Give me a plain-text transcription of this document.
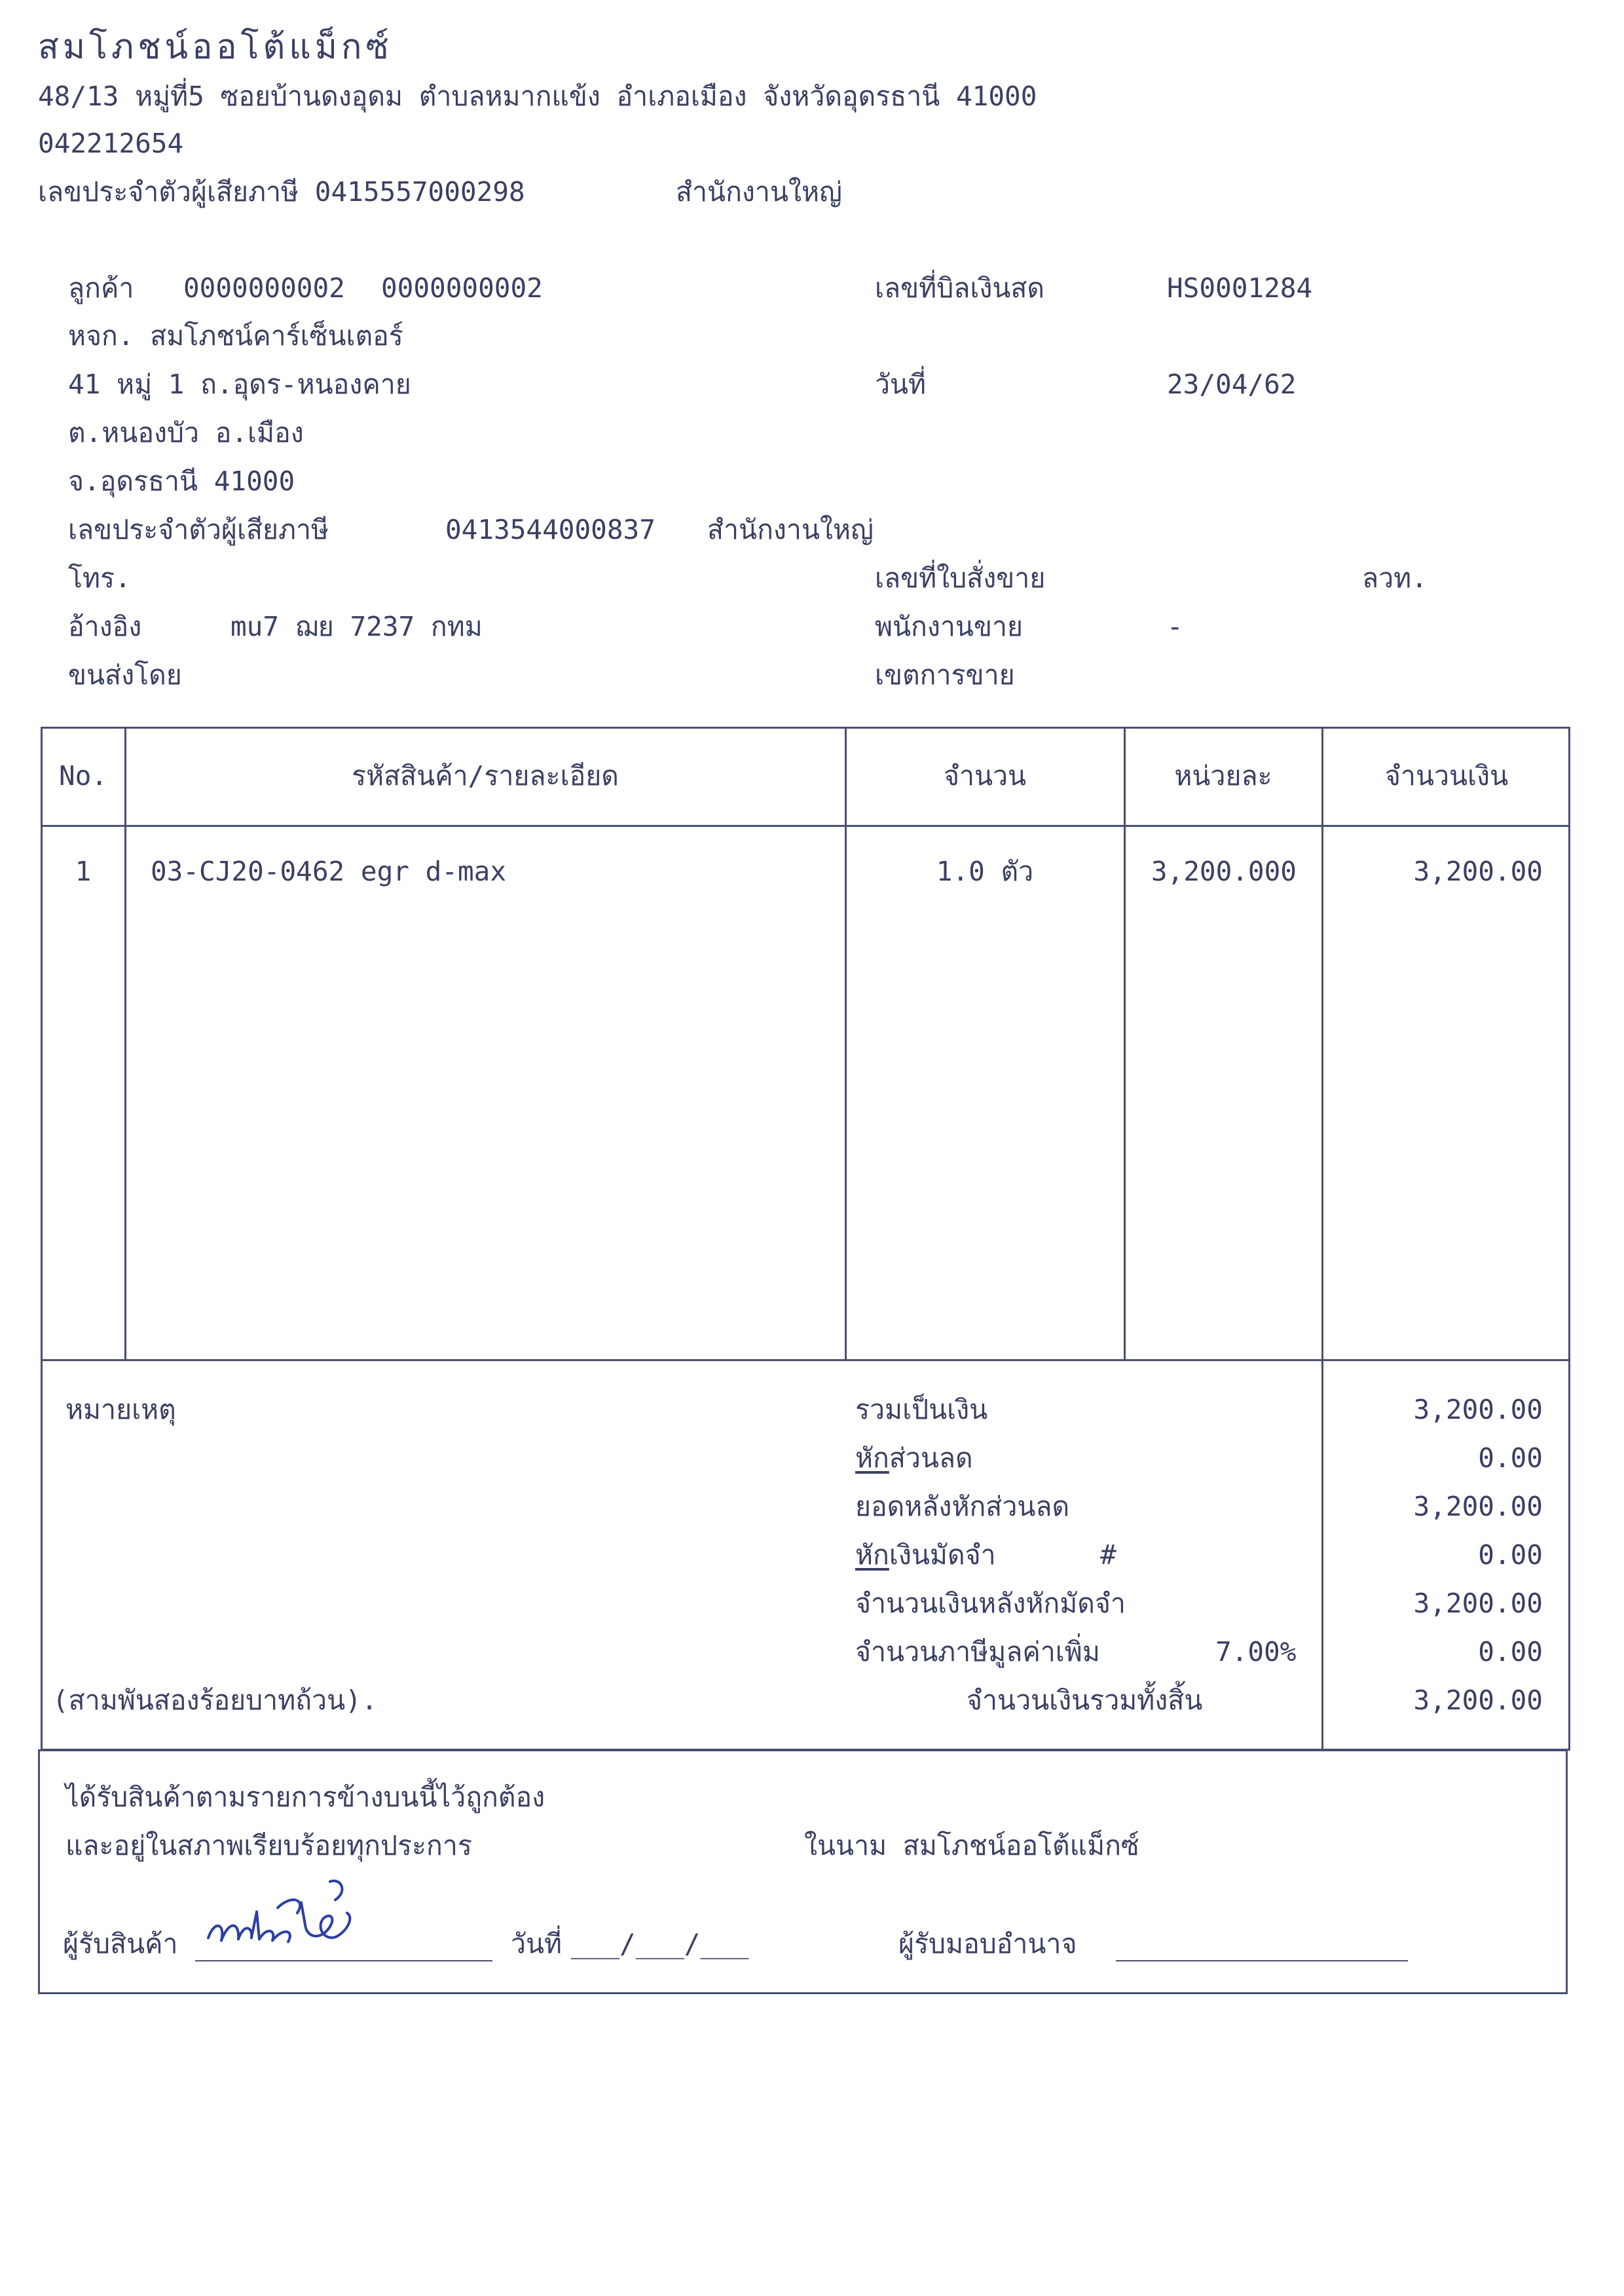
สมโภชน์ออโต้แม็กซ์
48/13 หมู่ที่5 ซอยบ้านดงอุดม ตำบลหมากแข้ง อำเภอเมือง จังหวัดอุดรธานี 41000
042212654
เลขประจำตัวผู้เสียภาษี 0415557000298	สำนักงานใหญ่
ลูกค้า 0000000002 0000000002
หจก. สมโภชน์คาร์เซ็นเตอร์
41 หมู่ 1 ถ.อุดร-หนองคาย
ต.หนองบัว อ.เมือง
จ.อุดรธานี 41000
เลขประจำตัวผู้เสียภาษี	0413544000837 สำนักงานใหญ่
โทร.
อ้างอิง	mu7 ฌย 7237 กทม
ขนส่งโดย
เลขที่บิลเงินสด	HS0001284
วันที่	23/04/62
เลขที่ใบสั่งขาย	ลวท.
พนักงานขาย	-
เขตการขาย
No.	รหัสสินค้า/รายละเอียด	จำนวน	หน่วยละ	จำนวนเงิน
1	03-CJ20-0462 egr d-max	1.0 ตัว	3,200.000	3,200.00
หมายเหตุ	รวมเป็นเงิน	3,200.00
หักส่วนลด	0.00
ยอดหลังหักส่วนลด	3,200.00
หักเงินมัดจำ	#	0.00
จำนวนเงินหลังหักมัดจำ	3,200.00
จำนวนภาษีมูลค่าเพิ่ม	7.00%	0.00
(สามพันสองร้อยบาทถ้วน).	จำนวนเงินรวมทั้งสิ้น	3,200.00
ได้รับสินค้าตามรายการข้างบนนี้ไว้ถูกต้อง
และอยู่ในสภาพเรียบร้อยทุกประการ	ในนาม สมโภชน์ออโต้แม็กซ์
ผู้รับสินค้า	วันที่ ___/___/___	ผู้รับมอบอำนาจ
